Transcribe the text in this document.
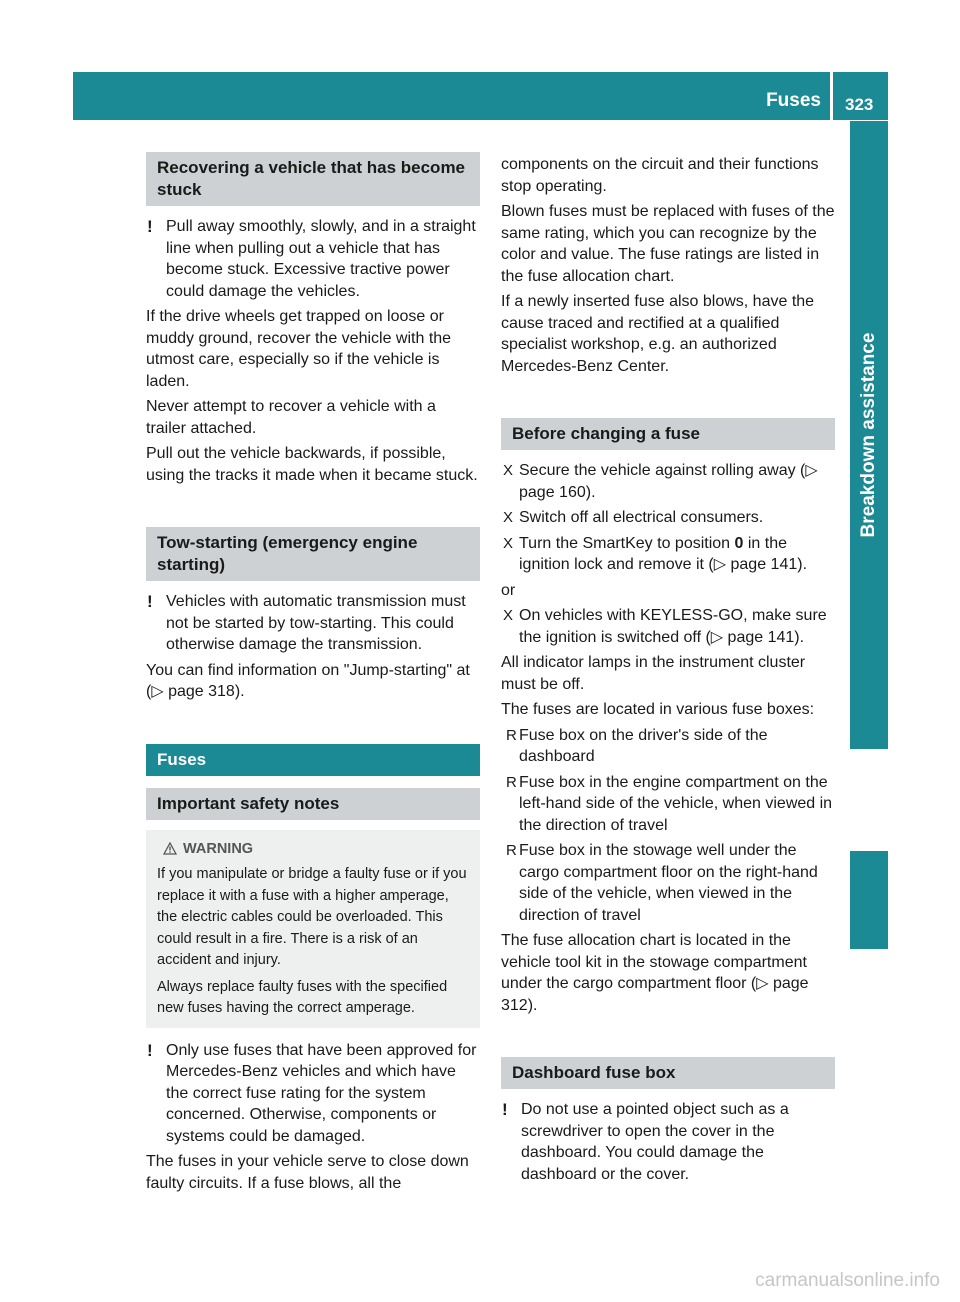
Fuses 323
Breakdown assistance
Recovering a vehicle that has become stuck
! Pull away smoothly, slowly, and in a straight line when pulling out a vehicle that has become stuck. Excessive tractive power could damage the vehicles.

If the drive wheels get trapped on loose or muddy ground, recover the vehicle with the utmost care, especially so if the vehicle is laden.

Never attempt to recover a vehicle with a trailer attached.

Pull out the vehicle backwards, if possible, using the tracks it made when it became stuck.

Tow-starting (emergency engine starting)
! Vehicles with automatic transmission must not be started by tow-starting. This could otherwise damage the transmission.

You can find information on "Jump-starting" at (▷ page 318).

Fuses
Important safety notes
WARNING

If you manipulate or bridge a faulty fuse or if you replace it with a fuse with a higher amperage, the electric cables could be overloaded. This could result in a fire. There is a risk of an accident and injury.

Always replace faulty fuses with the specified new fuses having the correct amperage.

! Only use fuses that have been approved for Mercedes-Benz vehicles and which have the correct fuse rating for the system concerned. Otherwise, components or systems could be damaged.

The fuses in your vehicle serve to close down faulty circuits. If a fuse blows, all the

components on the circuit and their functions stop operating.

Blown fuses must be replaced with fuses of the same rating, which you can recognize by the color and value. The fuse ratings are listed in the fuse allocation chart.

If a newly inserted fuse also blows, have the cause traced and rectified at a qualified specialist workshop, e.g. an authorized Mercedes-Benz Center.

Before changing a fuse
X Secure the vehicle against rolling away (▷ page 160).
X Switch off all electrical consumers.
X Turn the SmartKey to position 0 in the ignition lock and remove it (▷ page 141).

or

X On vehicles with KEYLESS-GO, make sure the ignition is switched off (▷ page 141).

All indicator lamps in the instrument cluster must be off.

The fuses are located in various fuse boxes:

R Fuse box on the driver's side of the dashboard
R Fuse box in the engine compartment on the left-hand side of the vehicle, when viewed in the direction of travel
R Fuse box in the stowage well under the cargo compartment floor on the right-hand side of the vehicle, when viewed in the direction of travel

The fuse allocation chart is located in the vehicle tool kit in the stowage compartment under the cargo compartment floor (▷ page 312).

Dashboard fuse box
! Do not use a pointed object such as a screwdriver to open the cover in the dashboard. You could damage the dashboard or the cover.
carmanualsonline.info
